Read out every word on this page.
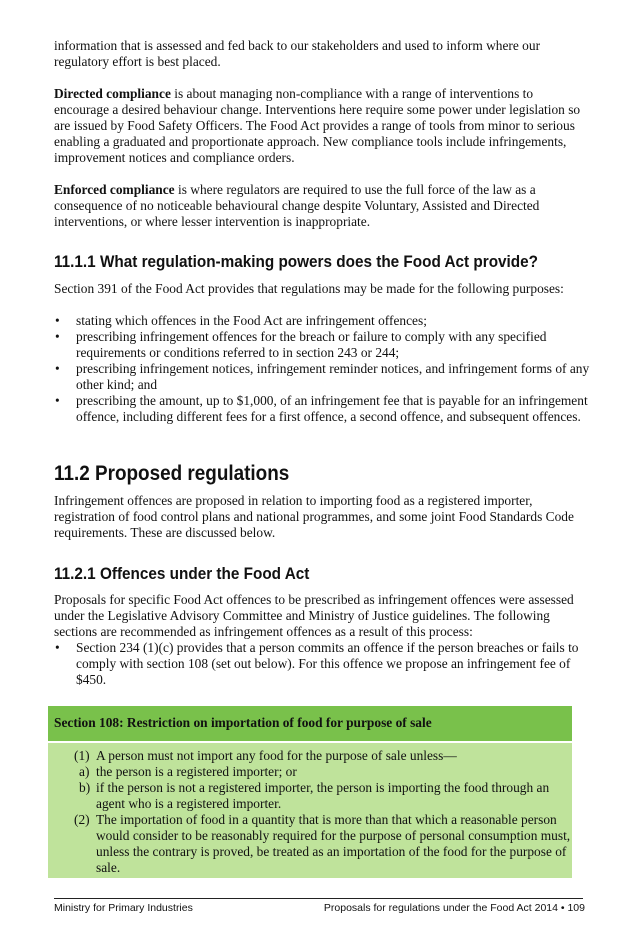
information that is assessed and fed back to our stakeholders and used to inform where our regulatory effort is best placed.

Directed compliance is about managing non-compliance with a range of interventions to encourage a desired behaviour change. Interventions here require some power under legislation so are issued by Food Safety Officers. The Food Act provides a range of tools from minor to serious enabling a graduated and proportionate approach. New compliance tools include infringements, improvement notices and compliance orders.

Enforced compliance is where regulators are required to use the full force of the law as a consequence of no noticeable behavioural change despite Voluntary, Assisted and Directed interventions, or where lesser intervention is inappropriate.

11.1.1 What regulation-making powers does the Food Act provide?

Section 391 of the Food Act provides that regulations may be made for the following purposes:

• stating which offences in the Food Act are infringement offences;
• prescribing infringement offences for the breach or failure to comply with any specified requirements or conditions referred to in section 243 or 244;
• prescribing infringement notices, infringement reminder notices, and infringement forms of any other kind; and
• prescribing the amount, up to $1,000, of an infringement fee that is payable for an infringement offence, including different fees for a first offence, a second offence, and subsequent offences.
11.2 Proposed regulations

Infringement offences are proposed in relation to importing food as a registered importer, registration of food control plans and national programmes, and some joint Food Standards Code requirements. These are discussed below.

11.2.1 Offences under the Food Act

Proposals for specific Food Act offences to be prescribed as infringement offences were assessed under the Legislative Advisory Committee and Ministry of Justice guidelines. The following sections are recommended as infringement offences as a result of this process:

• Section 234 (1)(c) provides that a person commits an offence if the person breaches or fails to comply with section 108 (set out below). For this offence we propose an infringement fee of $450.
Section 108: Restriction on importation of food for purpose of sale
(1) A person must not import any food for the purpose of sale unless—
a) the person is a registered importer; or
b) if the person is not a registered importer, the person is importing the food through an agent who is a registered importer.
(2) The importation of food in a quantity that is more than that which a reasonable person would consider to be reasonably required for the purpose of personal consumption must, unless the contrary is proved, be treated as an importation of the food for the purpose of sale.
Ministry for Primary Industries	Proposals for regulations under the Food Act 2014 • 109
